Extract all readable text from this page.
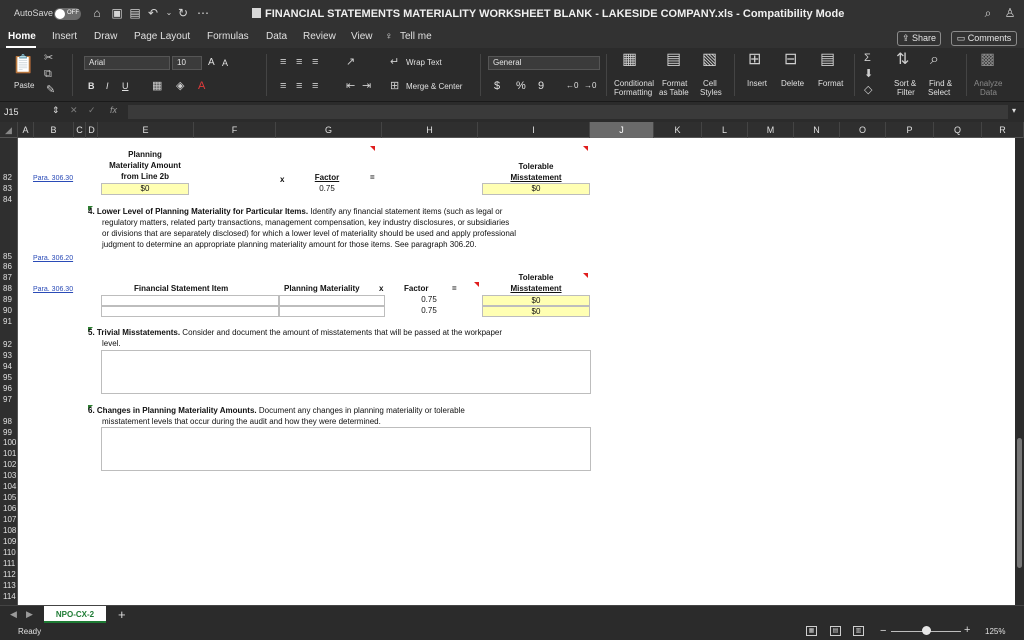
AutoSave OFF ⌂ ▣ ▤ ↶ ⌄ ↻ ⋯	FINANCIAL STATEMENTS MATERIALITY WORKSHEET BLANK - LAKESIDE COMPANY.xls - Compatibility Mode	⌕	♙
Home Insert Draw Page Layout Formulas Data Review View ♀ Tell me	⇪ Share	▭ Comments
📋
Paste
✂
⧉
✎
Arial	10	A A
B I U ▦ ◈ A
≡ ≡ ≡
≡ ≡ ≡
↗
⇤ ⇥
↵ Wrap Text
⊞ Merge & Center
General
$ % 9	←0 →0
▦
Conditional
Formatting
▤
Format
as Table
▧
Cell
Styles
⊞
Insert
⊟
Delete
▤
Format
Σ
⬇
◇
⇅
Sort &
Filter
⌕
Find &
Select
▩
Analyze
Data
J15	⇕ ✕ ✓ fx	▾
◢	A	B	C D	E	F	G	H	I	J	K	L	M	N	O	P	Q	R
82
83
84
85
86
87
88
89
90
91
92
93
94
95
96
97
98
99
100
101
102
103
104
105
106
107
108
109
110
111
112
113
114
Planning
Materiality Amount
from Line 2b
Para. 306.30
$0
x	Factor
0.75
=
Tolerable
Misstatement
$0
4. Lower Level of Planning Materiality for Particular Items. Identify any financial statement items (such as legal or
regulatory matters, related party transactions, management compensation, key industry disclosures, or subsidiaries
or divisions that are separately disclosed) for which a lower level of materiality should be used and apply professional
judgment to determine an appropriate planning materiality amount for those items. See paragraph 306.20.
Para. 306.20
Financial Statement Item	Planning Materiality x	Factor	=
Tolerable
Misstatement
Para. 306.30
0.75	$0
0.75	$0
5. Trivial Misstatements. Consider and document the amount of misstatements that will be passed at the workpaper
level.
6. Changes in Planning Materiality Amounts. Document any changes in planning materiality or tolerable
misstatement levels that occur during the audit and how they were determined.
◀ ▶	NPO-CX-2	+
Ready	▦	▤	▥ −	+ 125%
